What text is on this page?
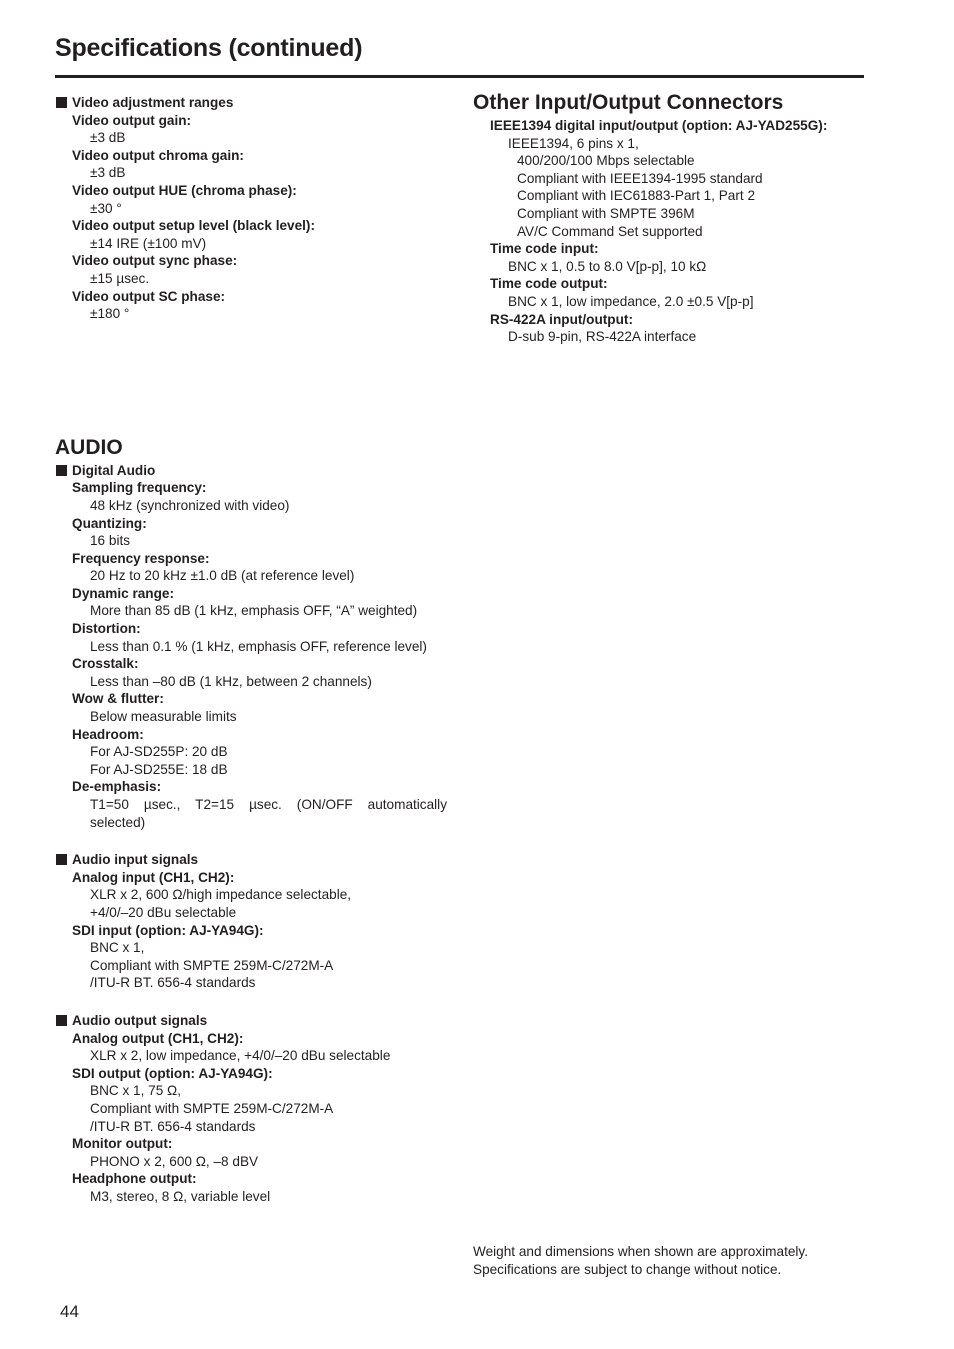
Specifications (continued)
Video adjustment ranges
Video output gain:
±3 dB
Video output chroma gain:
±3 dB
Video output HUE (chroma phase):
±30 °
Video output setup level (black level):
±14 IRE (±100 mV)
Video output sync phase:
±15 µsec.
Video output SC phase:
±180 °
AUDIO
Digital Audio
Sampling frequency:
48 kHz (synchronized with video)
Quantizing:
16 bits
Frequency response:
20 Hz to 20 kHz ±1.0 dB (at reference level)
Dynamic range:
More than 85 dB (1 kHz, emphasis OFF, “A” weighted)
Distortion:
Less than 0.1 % (1 kHz, emphasis OFF, reference level)
Crosstalk:
Less than –80 dB (1 kHz, between 2 channels)
Wow & flutter:
Below measurable limits
Headroom:
For AJ-SD255P: 20 dB
For AJ-SD255E: 18 dB
De-emphasis:
T1=50 µsec., T2=15 µsec. (ON/OFF automatically selected)
Audio input signals
Analog input (CH1, CH2):
XLR x 2, 600 Ω/high impedance selectable,
+4/0/–20 dBu selectable
SDI input (option: AJ-YA94G):
BNC x 1,
Compliant with SMPTE 259M-C/272M-A
/ITU-R BT. 656-4 standards
Audio output signals
Analog output (CH1, CH2):
XLR x 2, low impedance, +4/0/–20 dBu selectable
SDI output (option: AJ-YA94G):
BNC x 1, 75 Ω,
Compliant with SMPTE 259M-C/272M-A
/ITU-R BT. 656-4 standards
Monitor output:
PHONO x 2, 600 Ω, –8 dBV
Headphone output:
M3, stereo, 8 Ω, variable level
Other Input/Output Connectors
IEEE1394 digital input/output (option: AJ-YAD255G):
IEEE1394, 6 pins x 1,
400/200/100 Mbps selectable
Compliant with IEEE1394-1995 standard
Compliant with IEC61883-Part 1, Part 2
Compliant with SMPTE 396M
AV/C Command Set supported
Time code input:
BNC x 1, 0.5 to 8.0 V[p-p], 10 kΩ
Time code output:
BNC x 1, low impedance, 2.0 ±0.5 V[p-p]
RS-422A input/output:
D-sub 9-pin, RS-422A interface
Weight and dimensions when shown are approximately.
Specifications are subject to change without notice.
44
